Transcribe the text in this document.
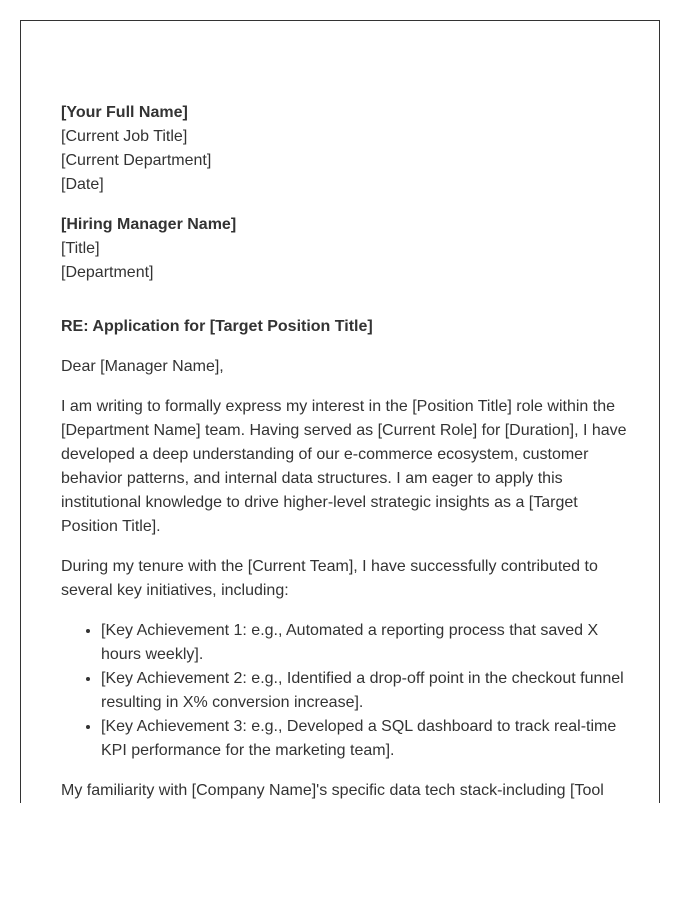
[Your Full Name]
[Current Job Title]
[Current Department]
[Date]
[Hiring Manager Name]
[Title]
[Department]

RE: Application for [Target Position Title]

Dear [Manager Name],

I am writing to formally express my interest in the [Position Title] role within the [Department Name] team. Having served as [Current Role] for [Duration], I have developed a deep understanding of our e-commerce ecosystem, customer behavior patterns, and internal data structures. I am eager to apply this institutional knowledge to drive higher-level strategic insights as a [Target Position Title].

During my tenure with the [Current Team], I have successfully contributed to several key initiatives, including:

• [Key Achievement 1: e.g., Automated a reporting process that saved X hours weekly].
• [Key Achievement 2: e.g., Identified a drop-off point in the checkout funnel resulting in X% conversion increase].
• [Key Achievement 3: e.g., Developed a SQL dashboard to track real-time KPI performance for the marketing team].

My familiarity with [Company Name]'s specific data tech stack-including [Tool
